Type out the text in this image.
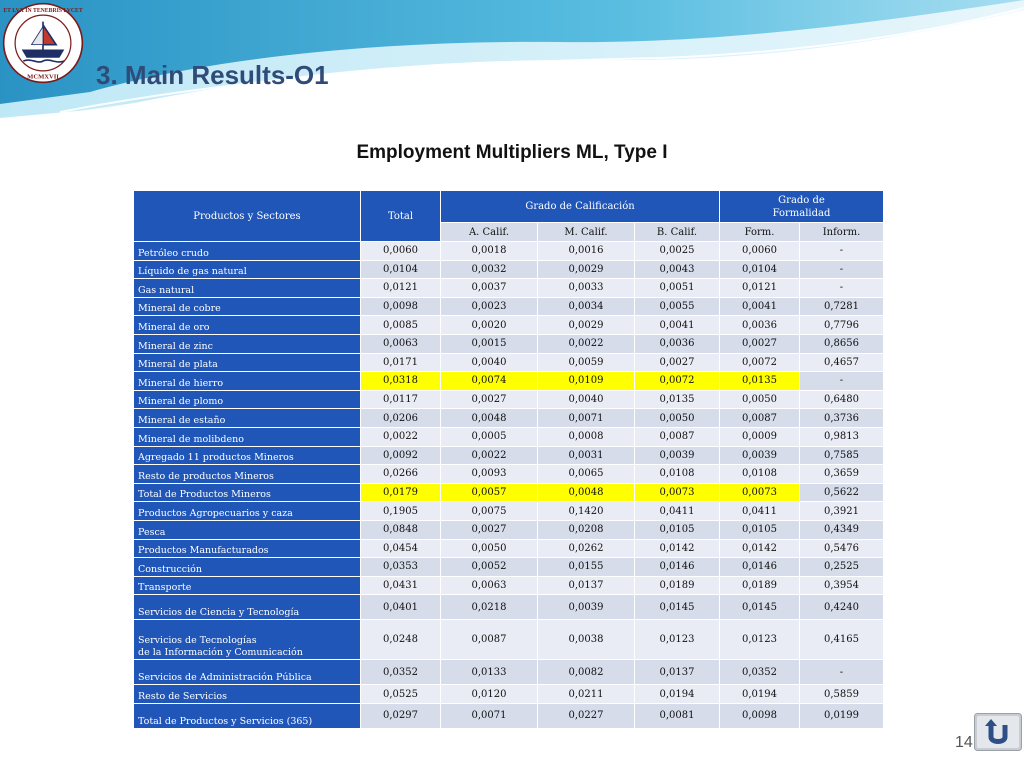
ET LVX IN TENEBRIS LVCET
MCMXVII 3. Main Results-O1
Employment Multipliers ML, Type I
Productos y Sectores	Total	Grado de Calificación			Grado de
Formalidad	
		A. Calif.	M. Calif.	B. Calif.	Form.	Inform.
Petróleo crudo	0,0060	0,0018	0,0016	0,0025	0,0060	-
Líquido de gas natural	0,0104	0,0032	0,0029	0,0043	0,0104	-
Gas natural	0,0121	0,0037	0,0033	0,0051	0,0121	-
Mineral de cobre	0,0098	0,0023	0,0034	0,0055	0,0041	0,7281
Mineral de oro	0,0085	0,0020	0,0029	0,0041	0,0036	0,7796
Mineral de zinc	0,0063	0,0015	0,0022	0,0036	0,0027	0,8656
Mineral de plata	0,0171	0,0040	0,0059	0,0027	0,0072	0,4657
Mineral de hierro	0,0318	0,0074	0,0109	0,0072	0,0135	-
Mineral de plomo	0,0117	0,0027	0,0040	0,0135	0,0050	0,6480
Mineral de estaño	0,0206	0,0048	0,0071	0,0050	0,0087	0,3736
Mineral de molibdeno	0,0022	0,0005	0,0008	0,0087	0,0009	0,9813
Agregado 11 productos Mineros	0,0092	0,0022	0,0031	0,0039	0,0039	0,7585
Resto de productos Mineros	0,0266	0,0093	0,0065	0,0108	0,0108	0,3659
Total de Productos Mineros	0,0179	0,0057	0,0048	0,0073	0,0073	0,5622
Productos Agropecuarios y caza	0,1905	0,0075	0,1420	0,0411	0,0411	0,3921
Pesca	0,0848	0,0027	0,0208	0,0105	0,0105	0,4349
Productos Manufacturados	0,0454	0,0050	0,0262	0,0142	0,0142	0,5476
Construcción	0,0353	0,0052	0,0155	0,0146	0,0146	0,2525
Transporte	0,0431	0,0063	0,0137	0,0189	0,0189	0,3954
Servicios de Ciencia y Tecnología	0,0401	0,0218	0,0039	0,0145	0,0145	0,4240
Servicios de Tecnologías
de la Información y Comunicación	0,0248	0,0087	0,0038	0,0123	0,0123	0,4165
Servicios de Administración Pública	0,0352	0,0133	0,0082	0,0137	0,0352	-
Resto de Servicios	0,0525	0,0120	0,0211	0,0194	0,0194	0,5859
Total de Productos y Servicios (365)	0,0297	0,0071	0,0227	0,0081	0,0098	0,0199
14
